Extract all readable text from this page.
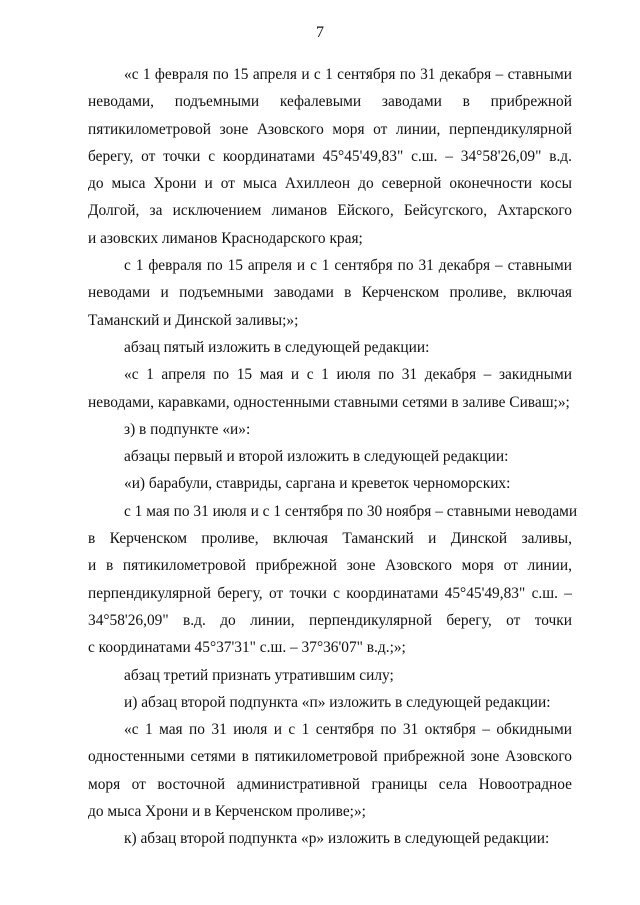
7
«с 1 февраля по 15 апреля и с 1 сентября по 31 декабря – ставными
неводами, подъемными кефалевыми заводами в прибрежной
пятикилометровой зоне Азовского моря от линии, перпендикулярной
берегу, от точки с координатами 45°45'49,83" с.ш. – 34°58'26,09" в.д.
до мыса Хрони и от мыса Ахиллеон до северной оконечности косы
Долгой, за исключением лиманов Ейского, Бейсугского, Ахтарского
и азовских лиманов Краснодарского края;
с 1 февраля по 15 апреля и с 1 сентября по 31 декабря – ставными
неводами и подъемными заводами в Керченском проливе, включая
Таманский и Динской заливы;»;
абзац пятый изложить в следующей редакции:
«с 1 апреля по 15 мая и с 1 июля по 31 декабря – закидными
неводами, каравками, одностенными ставными сетями в заливе Сиваш;»;
з) в подпункте «и»:
абзацы первый и второй изложить в следующей редакции:
«и) барабули, ставриды, саргана и креветок черноморских:
с 1 мая по 31 июля и с 1 сентября по 30 ноября – ставными неводами
в Керченском проливе, включая Таманский и Динской заливы,
и в пятикилометровой прибрежной зоне Азовского моря от линии,
перпендикулярной берегу, от точки с координатами 45°45'49,83" с.ш. –
34°58'26,09" в.д. до линии, перпендикулярной берегу, от точки
с координатами 45°37'31" с.ш. – 37°36'07" в.д.;»;
абзац третий признать утратившим силу;
и) абзац второй подпункта «п» изложить в следующей редакции:
«с 1 мая по 31 июля и с 1 сентября по 31 октября – обкидными
одностенными сетями в пятикилометровой прибрежной зоне Азовского
моря от восточной административной границы села Новоотрадное
до мыса Хрони и в Керченском проливе;»;
к) абзац второй подпункта «р» изложить в следующей редакции:
